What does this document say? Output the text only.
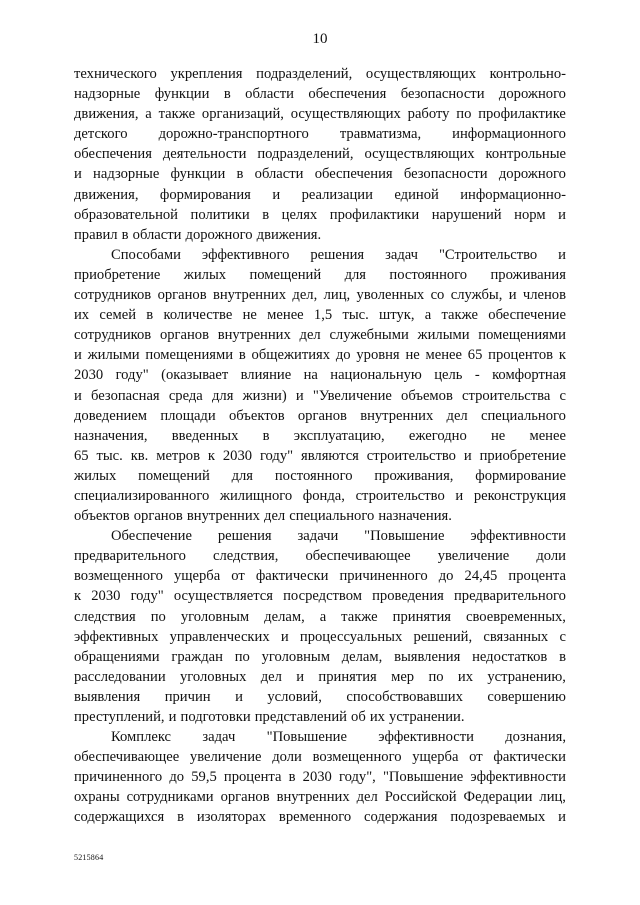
10
технического укрепления подразделений, осуществляющих контрольно-
надзорные функции в области обеспечения безопасности дорожного
движения, а также организаций, осуществляющих работу по профилактике
детского дорожно-транспортного травматизма, информационного
обеспечения деятельности подразделений, осуществляющих контрольные
и надзорные функции в области обеспечения безопасности дорожного
движения, формирования и реализации единой информационно-
образовательной политики в целях профилактики нарушений норм и
правил в области дорожного движения.
Способами эффективного решения задач "Строительство и
приобретение жилых помещений для постоянного проживания
сотрудников органов внутренних дел, лиц, уволенных со службы, и членов
их семей в количестве не менее 1,5 тыс. штук, а также обеспечение
сотрудников органов внутренних дел служебными жилыми помещениями
и жилыми помещениями в общежитиях до уровня не менее 65 процентов к
2030 году" (оказывает влияние на национальную цель - комфортная
и безопасная среда для жизни) и "Увеличение объемов строительства с
доведением площади объектов органов внутренних дел специального
назначения, введенных в эксплуатацию, ежегодно не менее
65 тыс. кв. метров к 2030 году" являются строительство и приобретение
жилых помещений для постоянного проживания, формирование
специализированного жилищного фонда, строительство и реконструкция
объектов органов внутренних дел специального назначения.
Обеспечение решения задачи "Повышение эффективности
предварительного следствия, обеспечивающее увеличение доли
возмещенного ущерба от фактически причиненного до 24,45 процента
к 2030 году" осуществляется посредством проведения предварительного
следствия по уголовным делам, а также принятия своевременных,
эффективных управленческих и процессуальных решений, связанных с
обращениями граждан по уголовным делам, выявления недостатков в
расследовании уголовных дел и принятия мер по их устранению,
выявления причин и условий, способствовавших совершению
преступлений, и подготовки представлений об их устранении.
Комплекс задач "Повышение эффективности дознания,
обеспечивающее увеличение доли возмещенного ущерба от фактически
причиненного до 59,5 процента в 2030 году", "Повышение эффективности
охраны сотрудниками органов внутренних дел Российской Федерации лиц,
содержащихся в изоляторах временного содержания подозреваемых и
5215864
